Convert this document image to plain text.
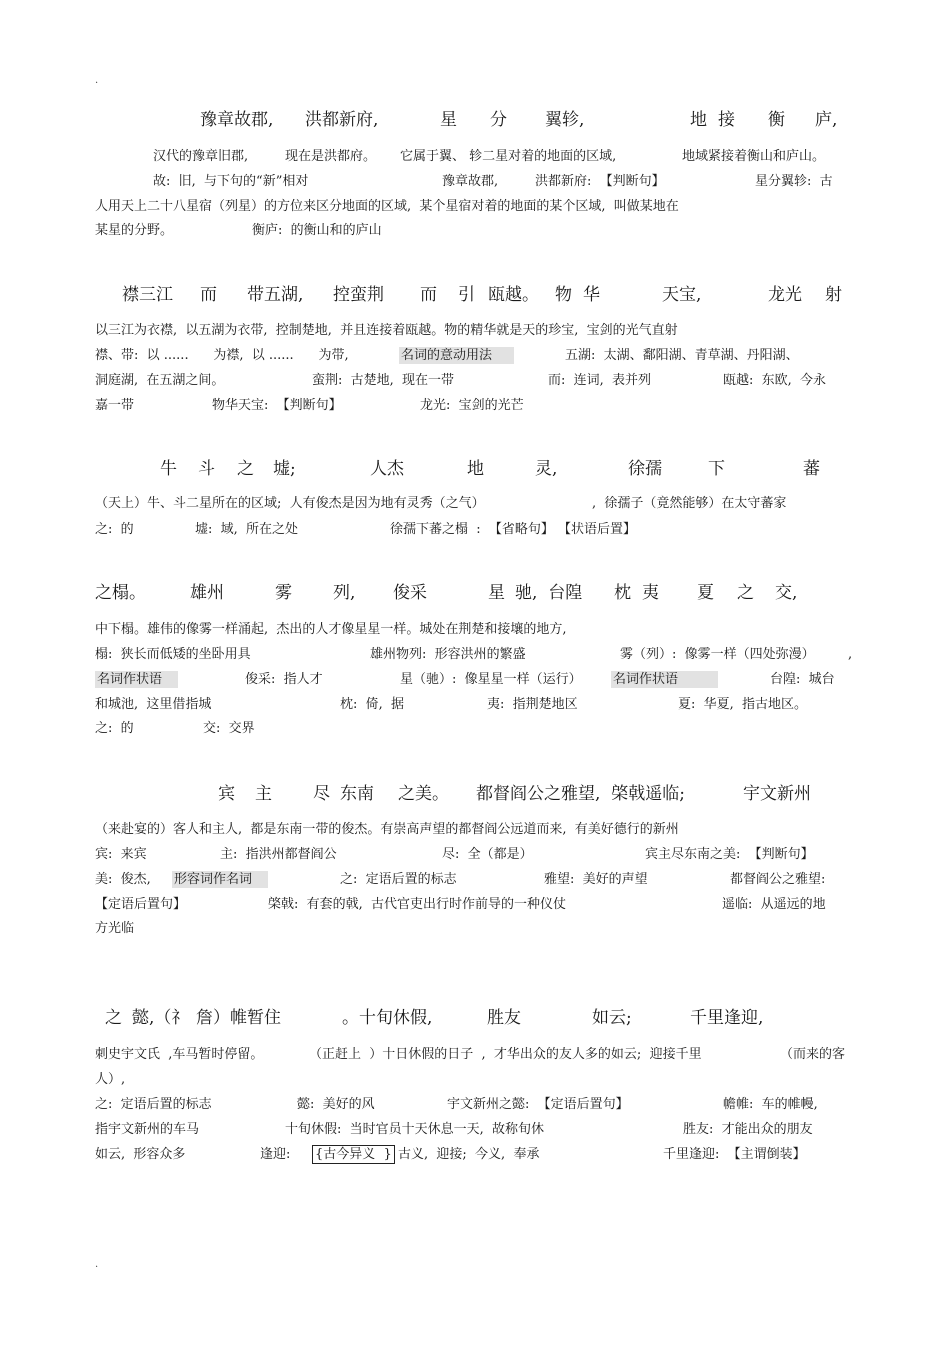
.
豫章故郡, 洪都新府,	星 分 翼轸,	地 接 衡 庐,
汉代的豫章旧郡,	现在是洪都府。 它属于翼、 轸二星对着的地面的区域,	地域紧接着衡山和庐山。
故:  旧,  与下句的“新”相对	豫章故郡,	洪都新府:  【判断句】	星分翼轸:  古
人用天上二十八星宿（列星）的方位来区分地面的区域,  某个星宿对着的地面的某个区域,  叫做某地在
某星的分野。	衡庐:  的衡山和的庐山
襟三江 而 带五湖, 控蛮荆 而 引 瓯越。 物 华	天宝,	龙光 射
以三江为衣襟,  以五湖为衣带,  控制楚地,  并且连接着瓯越。物的精华就是天的珍宝,  宝剑的光气直射
襟、带:  以 ......      为襟,  以 ......      为带,	名词的意动用法	五湖:  太湖、鄱阳湖、青草湖、丹阳湖、
洞庭湖,  在五湖之间。	蛮荆:  古楚地,  现在一带	而:  连词,  表并列	瓯越:  东欧,  今永
嘉一带	物华天宝:  【判断句】	龙光:  宝剑的光芒
牛 斗 之 墟;	人杰	地	灵,	徐孺	下	蕃
（天上）牛、斗二星所在的区域;  人有俊杰是因为地有灵秀（之气）	,  徐孺子（竟然能够）在太守蕃家
之:  的	墟:  域,  所在之处	徐孺下蕃之榻  :  【省略句】 【状语后置】
之榻。	雄州	雾 列, 俊采	星 驰,  台隍 枕 夷 夏 之 交,
中下榻。雄伟的像雾一样涌起,  杰出的人才像星星一样。城处在荆楚和接壤的地方,
榻:  狭长而低矮的坐卧用具	雄州物列:  形容洪州的繁盛	雾（列）:  像雾一样（四处弥漫）	,
名词作状语	俊采:  指人才	星（驰）:  像星星一样（运行） 名词作状语	台隍:  城台
和城池,  这里借指城	枕:  倚,  据	夷:  指荆楚地区	夏:  华夏,  指古地区。
之:  的	交:  交界
宾 主 尽 东南 之美。 都督阎公之雅望,  棨戟遥临;	宇文新州
（来赴宴的）客人和主人,  都是东南一带的俊杰。有崇高声望的都督阎公远道而来,  有美好德行的新州
宾:  来宾	主:  指洪州都督阎公	尽:  全（都是）	宾主尽东南之美:  【判断句】
美:  俊杰, 形容词作名词	之:  定语后置的标志	雅望:  美好的声望	都督阎公之雅望:
【定语后置句】	棨戟:  有套的戟,  古代官吏出行时作前导的一种仪仗	遥临:  从遥远的地
方光临
之 懿,（礻 詹）帷暂住	。十旬休假,	胜友	如云;	千里逢迎,
刺史宇文氏  ,车马暂时停留。	（正赶上  ）十日休假的日子  ,  才华出众的友人多的如云;  迎接千里	（而来的客
人）,
之:  定语后置的标志	懿:  美好的风	宇文新州之懿:  【定语后置句】	幨帷:  车的帷幔,
指宇文新州的车马	十旬休假:  当时官员十天休息一天,  故称旬休	胜友:  才能出众的朋友
如云,  形容众多	逢迎: {古今异义  } 古义,  迎接;  今义,  奉承	千里逢迎:  【主谓倒装】
.
